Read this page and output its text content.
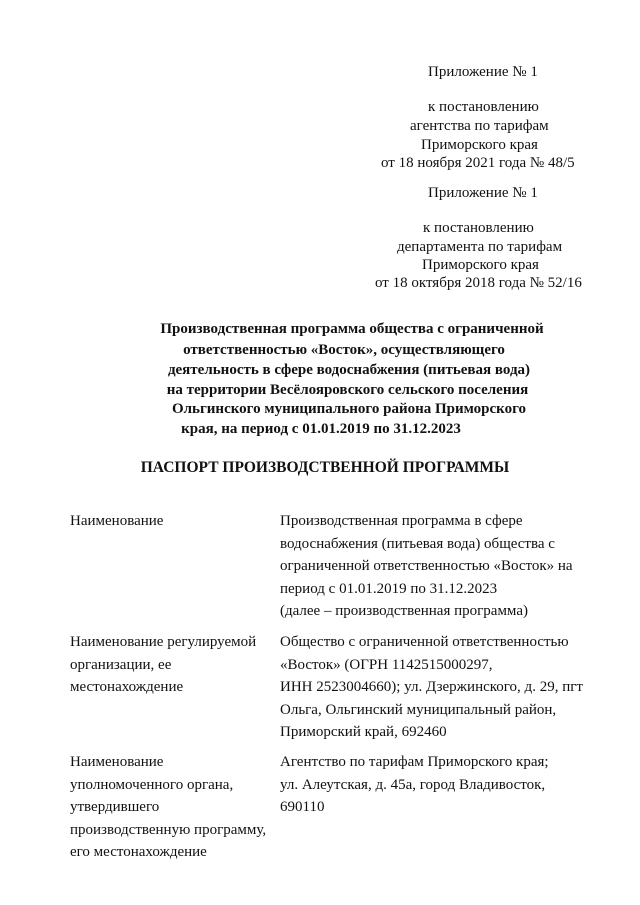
Приложение № 1
к постановлению
агентства по тарифам
Приморского края
от 18 ноября 2021 года № 48/5
Приложение № 1
к постановлению
департамента по тарифам
Приморского края
от 18 октября 2018 года № 52/16
Производственная программа общества с ограниченной
ответственностью «Восток», осуществляющего
деятельность в сфере водоснабжения (питьевая вода)
на территории Весёлояровского сельского поселения
Ольгинского муниципального района Приморского
края, на период с 01.01.2019 по 31.12.2023
ПАСПОРТ ПРОИЗВОДСТВЕННОЙ ПРОГРАММЫ
Наименование	Производственная программа в сфере
водоснабжения (питьевая вода) общества с
ограниченной ответственностью «Восток» на
период с 01.01.2019 по 31.12.2023
(далее – производственная программа)
Наименование регулируемой
организации, ее
местонахождение
Общество с ограниченной ответственностью
«Восток» (ОГРН 1142515000297,
ИНН 2523004660); ул. Дзержинского, д. 29, пгт
Ольга, Ольгинский муниципальный район,
Приморский край, 692460
Наименование
уполномоченного органа,
утвердившего
производственную программу,
его местонахождение
Агентство по тарифам Приморского края;
ул. Алеутская, д. 45а, город Владивосток,
690110
